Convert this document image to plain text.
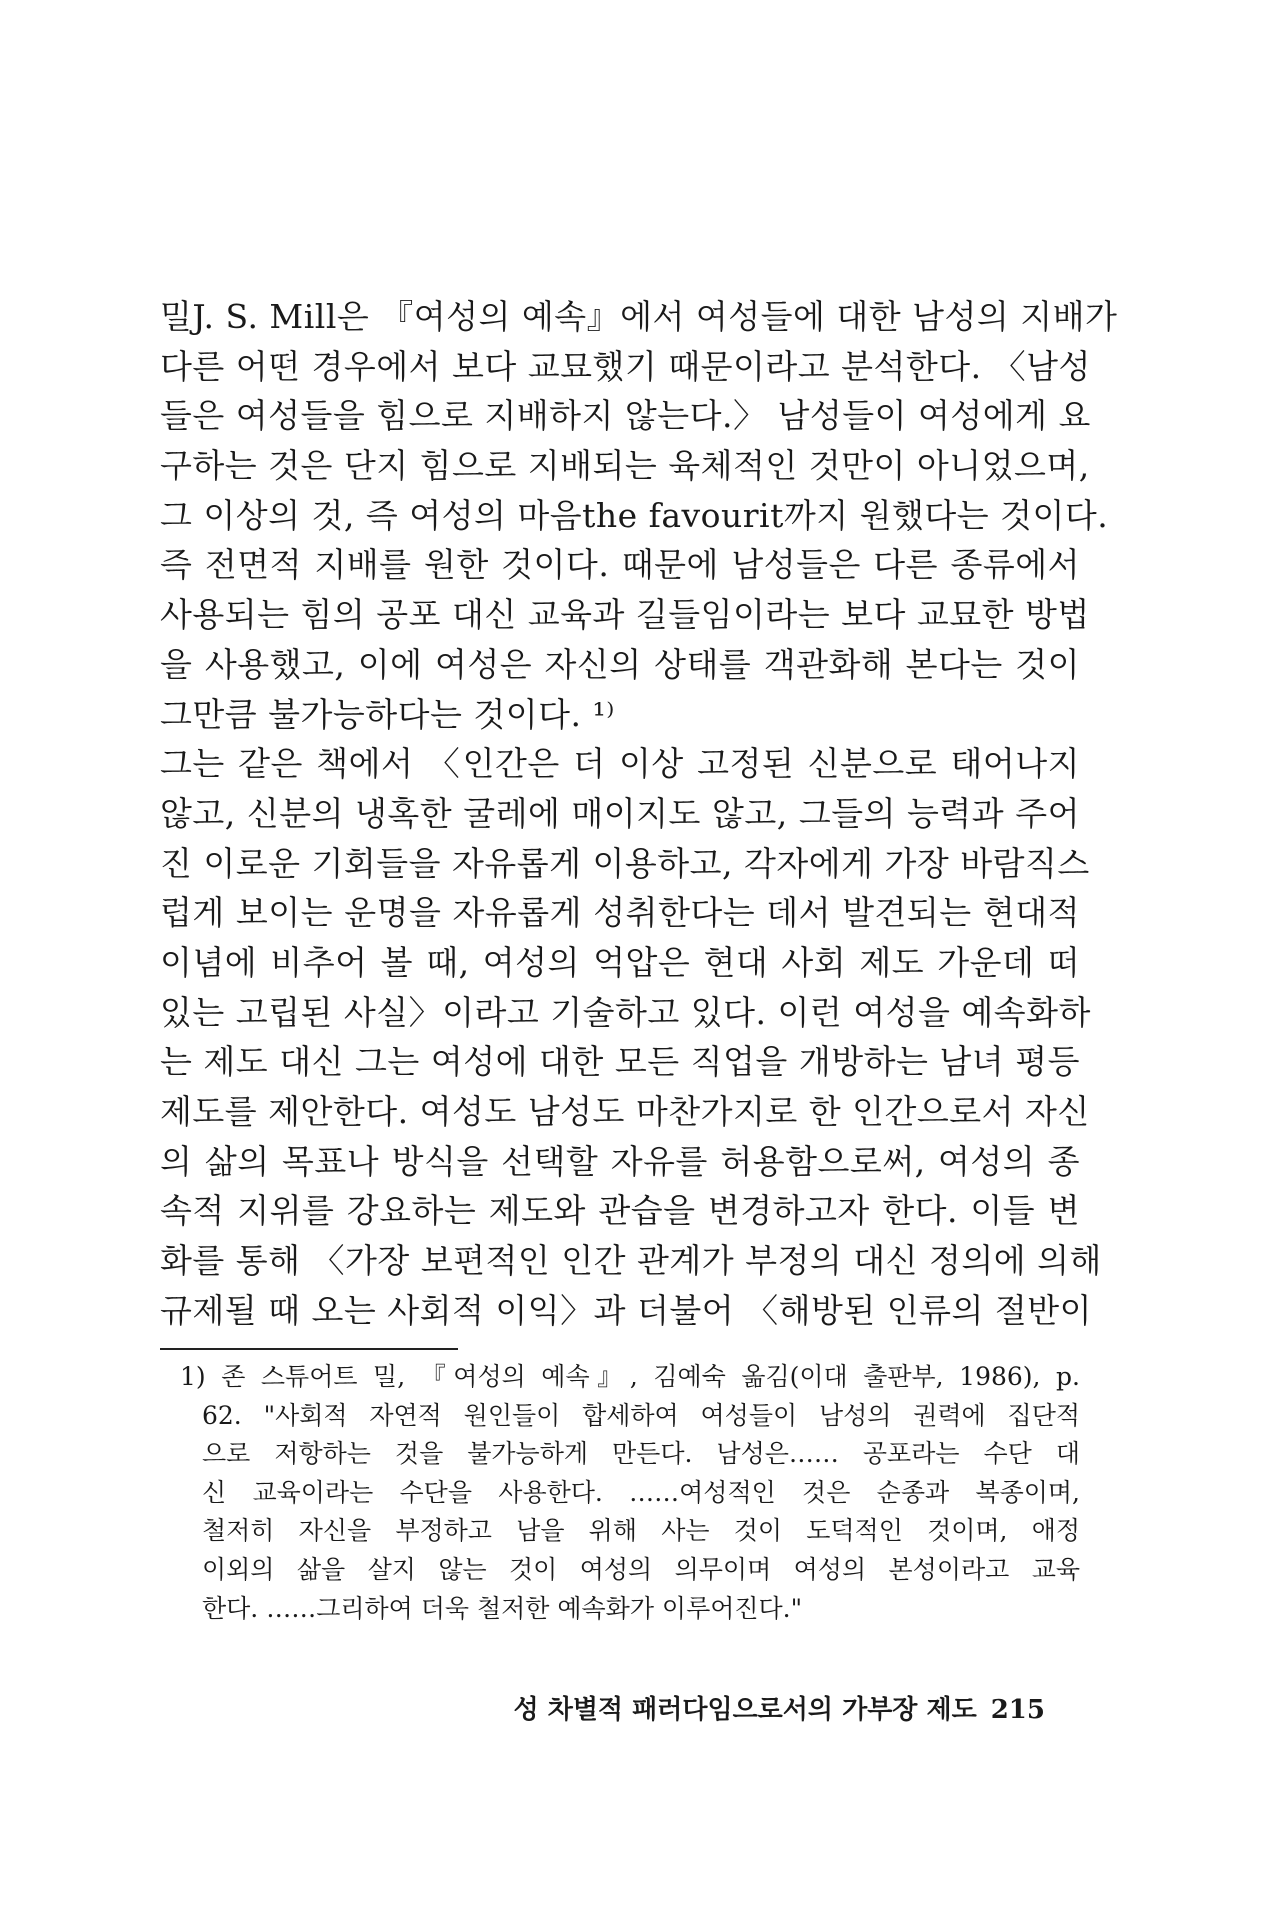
밀J. S. Mill은 『여성의 예속』에서 여성들에 대한 남성의 지배가
다른 어떤 경우에서 보다 교묘했기 때문이라고 분석한다. 〈남성
들은 여성들을 힘으로 지배하지 않는다.〉 남성들이 여성에게 요
구하는 것은 단지 힘으로 지배되는 육체적인 것만이 아니었으며,
그 이상의 것, 즉 여성의 마음the favourit까지 원했다는 것이다.
즉 전면적 지배를 원한 것이다. 때문에 남성들은 다른 종류에서
사용되는 힘의 공포 대신 교육과 길들임이라는 보다 교묘한 방법
을 사용했고, 이에 여성은 자신의 상태를 객관화해 본다는 것이
그만큼 불가능하다는 것이다. ¹⁾
그는 같은 책에서 〈인간은 더 이상 고정된 신분으로 태어나지
않고, 신분의 냉혹한 굴레에 매이지도 않고, 그들의 능력과 주어
진 이로운 기회들을 자유롭게 이용하고, 각자에게 가장 바람직스
럽게 보이는 운명을 자유롭게 성취한다는 데서 발견되는 현대적
이념에 비추어 볼 때, 여성의 억압은 현대 사회 제도 가운데 떠
있는 고립된 사실〉이라고 기술하고 있다. 이런 여성을 예속화하
는 제도 대신 그는 여성에 대한 모든 직업을 개방하는 남녀 평등
제도를 제안한다. 여성도 남성도 마찬가지로 한 인간으로서 자신
의 삶의 목표나 방식을 선택할 자유를 허용함으로써, 여성의 종
속적 지위를 강요하는 제도와 관습을 변경하고자 한다. 이들 변
화를 통해 〈가장 보편적인 인간 관계가 부정의 대신 정의에 의해
규제될 때 오는 사회적 이익〉과 더불어 〈해방된 인류의 절반이
1) 존 스튜어트 밀, 『여성의 예속』, 김예숙 옮김(이대 출판부, 1986), p.
62. "사회적 자연적 원인들이 합세하여 여성들이 남성의 권력에 집단적
으로 저항하는 것을 불가능하게 만든다. 남성은…… 공포라는 수단 대
신 교육이라는 수단을 사용한다. ……여성적인 것은 순종과 복종이며,
철저히 자신을 부정하고 남을 위해 사는 것이 도덕적인 것이며, 애정
이외의 삶을 살지 않는 것이 여성의 의무이며 여성의 본성이라고 교육
한다. ……그리하여 더욱 철저한 예속화가 이루어진다."
성 차별적 패러다임으로서의 가부장 제도 215
